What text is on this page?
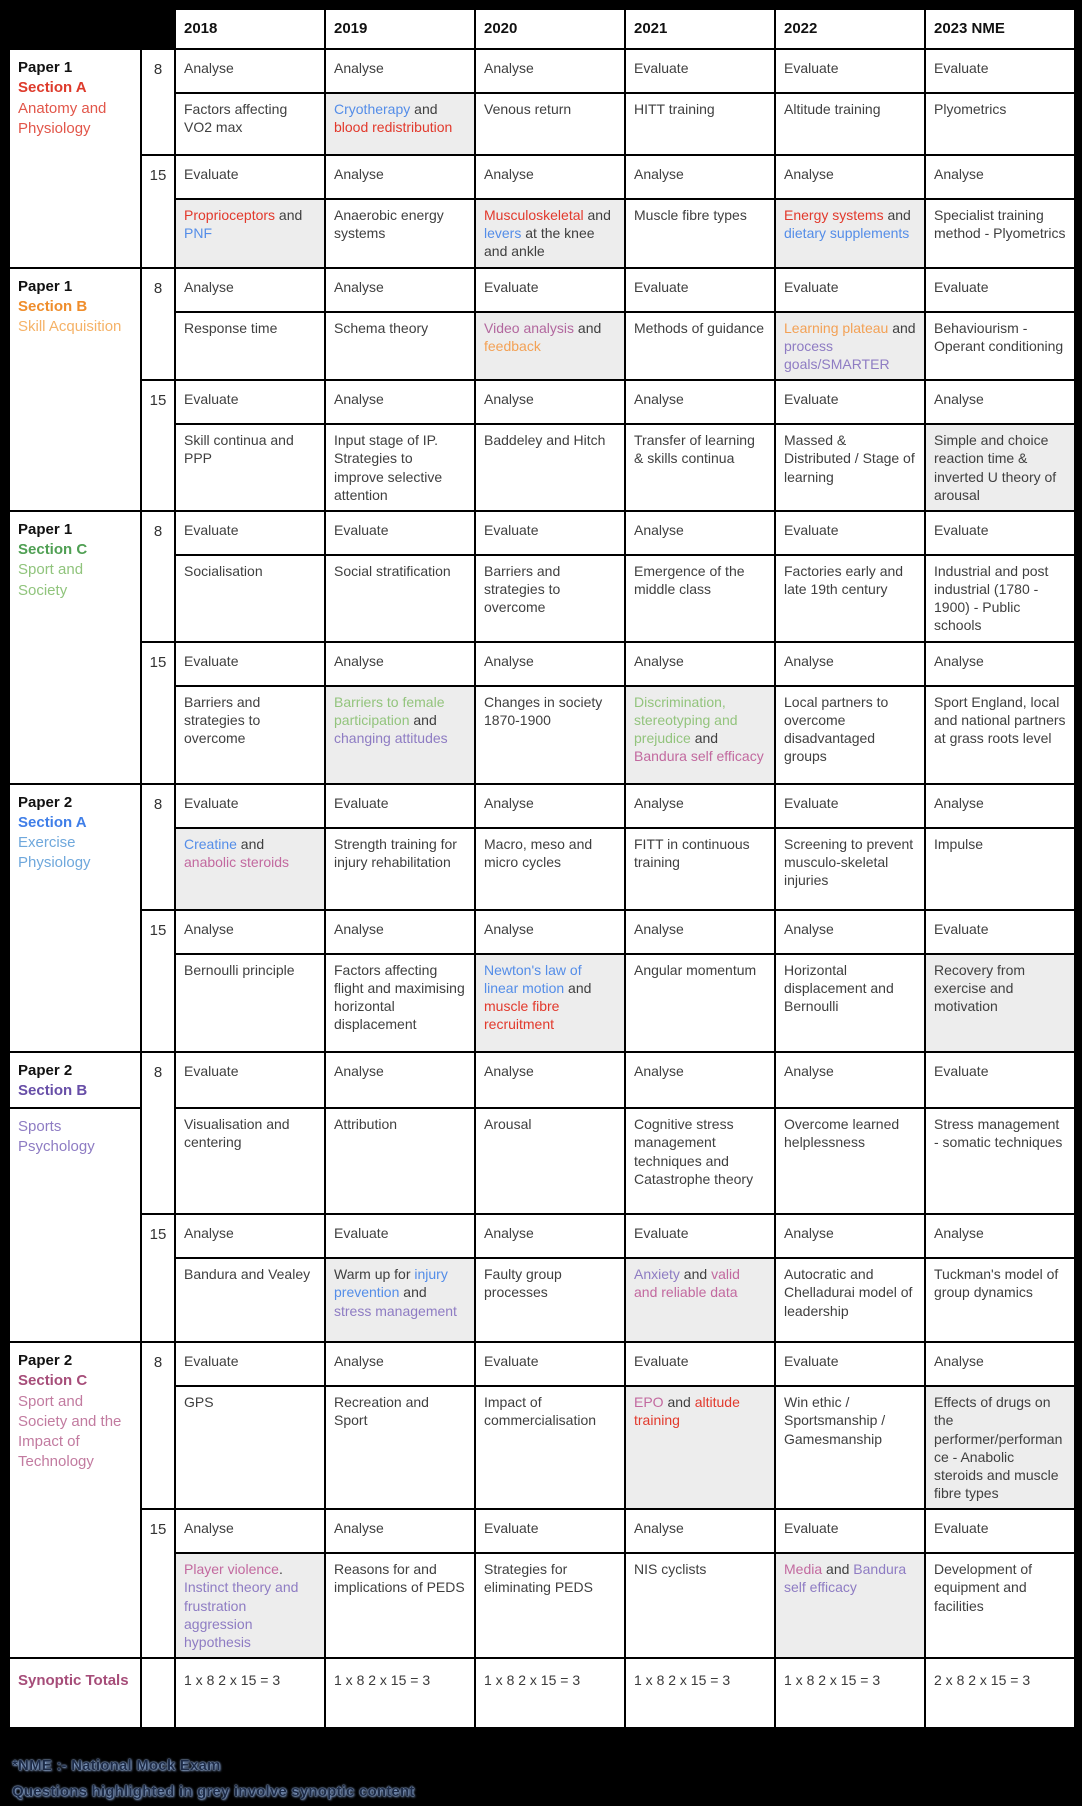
		2018	2019	2020	2021	2022	2023 NME

Paper 1
Section A
Anatomy and Physiology	8	Analyse	Analyse	Analyse	Evaluate	Evaluate	Evaluate
		Factors affecting VO2 max	Cryotherapy and blood redistribution	Venous return	HITT training	Altitude training	Plyometrics
	15	Evaluate	Analyse	Analyse	Analyse	Analyse	Analyse
		Proprioceptors and PNF	Anaerobic energy systems	Musculoskeletal and levers at the knee and ankle	Muscle fibre types	Energy systems and dietary supplements	Specialist training method - Plyometrics

Paper 1
Section B
Skill Acquisition	8	Analyse	Analyse	Evaluate	Evaluate	Evaluate	Evaluate
		Response time	Schema theory	Video analysis and feedback	Methods of guidance	Learning plateau and process goals/SMARTER	Behaviourism - Operant conditioning
	15	Evaluate	Analyse	Analyse	Analyse	Evaluate	Analyse
		Skill continua and PPP	Input stage of IP. Strategies to improve selective attention	Baddeley and Hitch	Transfer of learning & skills continua	Massed & Distributed / Stage of learning	Simple and choice reaction time & inverted U theory of arousal

Paper 1
Section C
Sport and Society	8	Evaluate	Evaluate	Evaluate	Analyse	Evaluate	Evaluate
		Socialisation	Social stratification	Barriers and strategies to overcome	Emergence of the middle class	Factories early and late 19th century	Industrial and post industrial (1780 - 1900) - Public schools
	15	Evaluate	Analyse	Analyse	Analyse	Analyse	Analyse
		Barriers and strategies to overcome	Barriers to female participation and changing attitudes	Changes in society 1870-1900	Discrimination, stereotyping and prejudice and Bandura self efficacy	Local partners to overcome disadvantaged groups	Sport England, local and national partners at grass roots level

Paper 2
Section A
Exercise Physiology	8	Evaluate	Evaluate	Analyse	Analyse	Evaluate	Analyse
		Creatine and anabolic steroids	Strength training for injury rehabilitation	Macro, meso and micro cycles	FITT in continuous training	Screening to prevent musculo-skeletal injuries	Impulse
	15	Analyse	Analyse	Analyse	Analyse	Analyse	Evaluate
		Bernoulli principle	Factors affecting flight and maximising horizontal displacement	Newton's law of linear motion and muscle fibre recruitment	Angular momentum	Horizontal displacement and Bernoulli	Recovery from exercise and motivation

Paper 2
Section B	8	Evaluate	Analyse	Analyse	Analyse	Analyse	Evaluate

Sports Psychology		Visualisation and centering	Attribution	Arousal	Cognitive stress management techniques and Catastrophe theory	Overcome learned helplessness	Stress management - somatic techniques
	15	Analyse	Evaluate	Analyse	Evaluate	Analyse	Analyse
		Bandura and Vealey	Warm up for injury prevention and stress management	Faulty group processes	Anxiety and valid and reliable data	Autocratic and Chelladurai model of leadership	Tuckman's model of group dynamics

Paper 2
Section C
Sport and Society and the Impact of Technology	8	Evaluate	Analyse	Evaluate	Evaluate	Evaluate	Analyse
		GPS	Recreation and Sport	Impact of commercialisation	EPO and altitude training	Win ethic / Sportsmanship / Gamesmanship	Effects of drugs on the performer/performance - Anabolic steroids and muscle fibre types
	15	Analyse	Analyse	Evaluate	Analyse	Evaluate	Evaluate
		Player violence. Instinct theory and frustration aggression hypothesis	Reasons for and implications of PEDS	Strategies for eliminating PEDS	NIS cyclists	Media and Bandura self efficacy	Development of equipment and facilities
Synoptic Totals		1 x 8 2 x 15 = 3	1 x 8 2 x 15 = 3	1 x 8 2 x 15 = 3	1 x 8 2 x 15 = 3	1 x 8 2 x 15 = 3	2 x 8 2 x 15 = 3
*NME :- National Mock Exam
Questions highlighted in grey involve synoptic content
